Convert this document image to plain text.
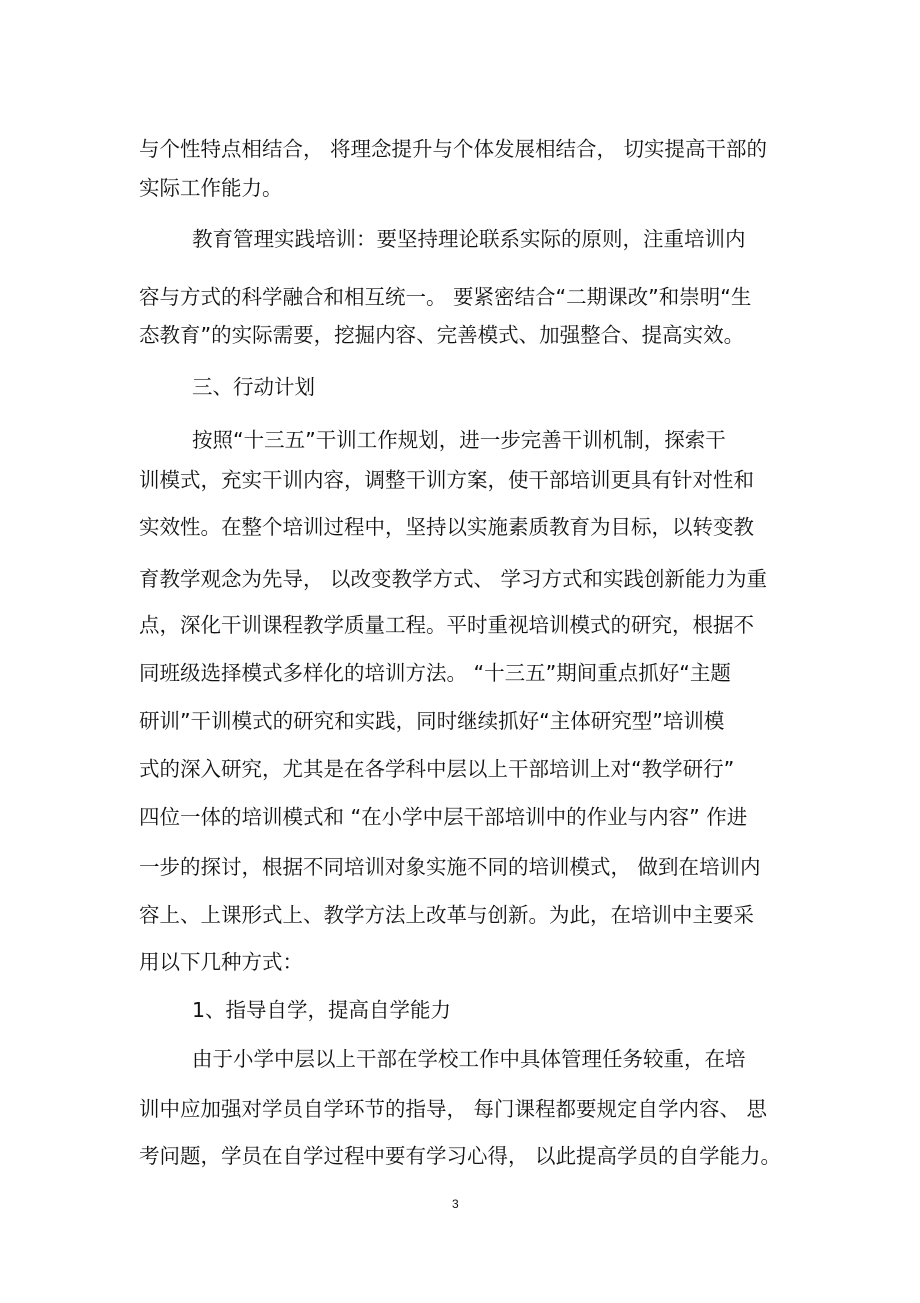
与个性特点相结合， 将理念提升与个体发展相结合， 切实提高干部的
实际工作能力。
教育管理实践培训：要坚持理论联系实际的原则，注重培训内
容与方式的科学融合和相互统一。 要紧密结合“二期课改”和崇明“生
态教育”的实际需要，挖掘内容、完善模式、加强整合、提高实效。
三、行动计划
按照“十三五”干训工作规划，进一步完善干训机制，探索干
训模式，充实干训内容，调整干训方案，使干部培训更具有针对性和
实效性。在整个培训过程中，坚持以实施素质教育为目标，以转变教
育教学观念为先导， 以改变教学方式、 学习方式和实践创新能力为重
点，深化干训课程教学质量工程。平时重视培训模式的研究，根据不
同班级选择模式多样化的培训方法。 “十三五”期间重点抓好“主题
研训”干训模式的研究和实践，同时继续抓好“主体研究型”培训模
式的深入研究，尤其是在各学科中层以上干部培训上对“教学研行”
四位一体的培训模式和 “在小学中层干部培训中的作业与内容” 作进
一步的探讨，根据不同培训对象实施不同的培训模式， 做到在培训内
容上、上课形式上、教学方法上改革与创新。为此，在培训中主要采
用以下几种方式：
1、指导自学，提高自学能力
由于小学中层以上干部在学校工作中具体管理任务较重，在培
训中应加强对学员自学环节的指导， 每门课程都要规定自学内容、 思
考问题，学员在自学过程中要有学习心得， 以此提高学员的自学能力。
3
